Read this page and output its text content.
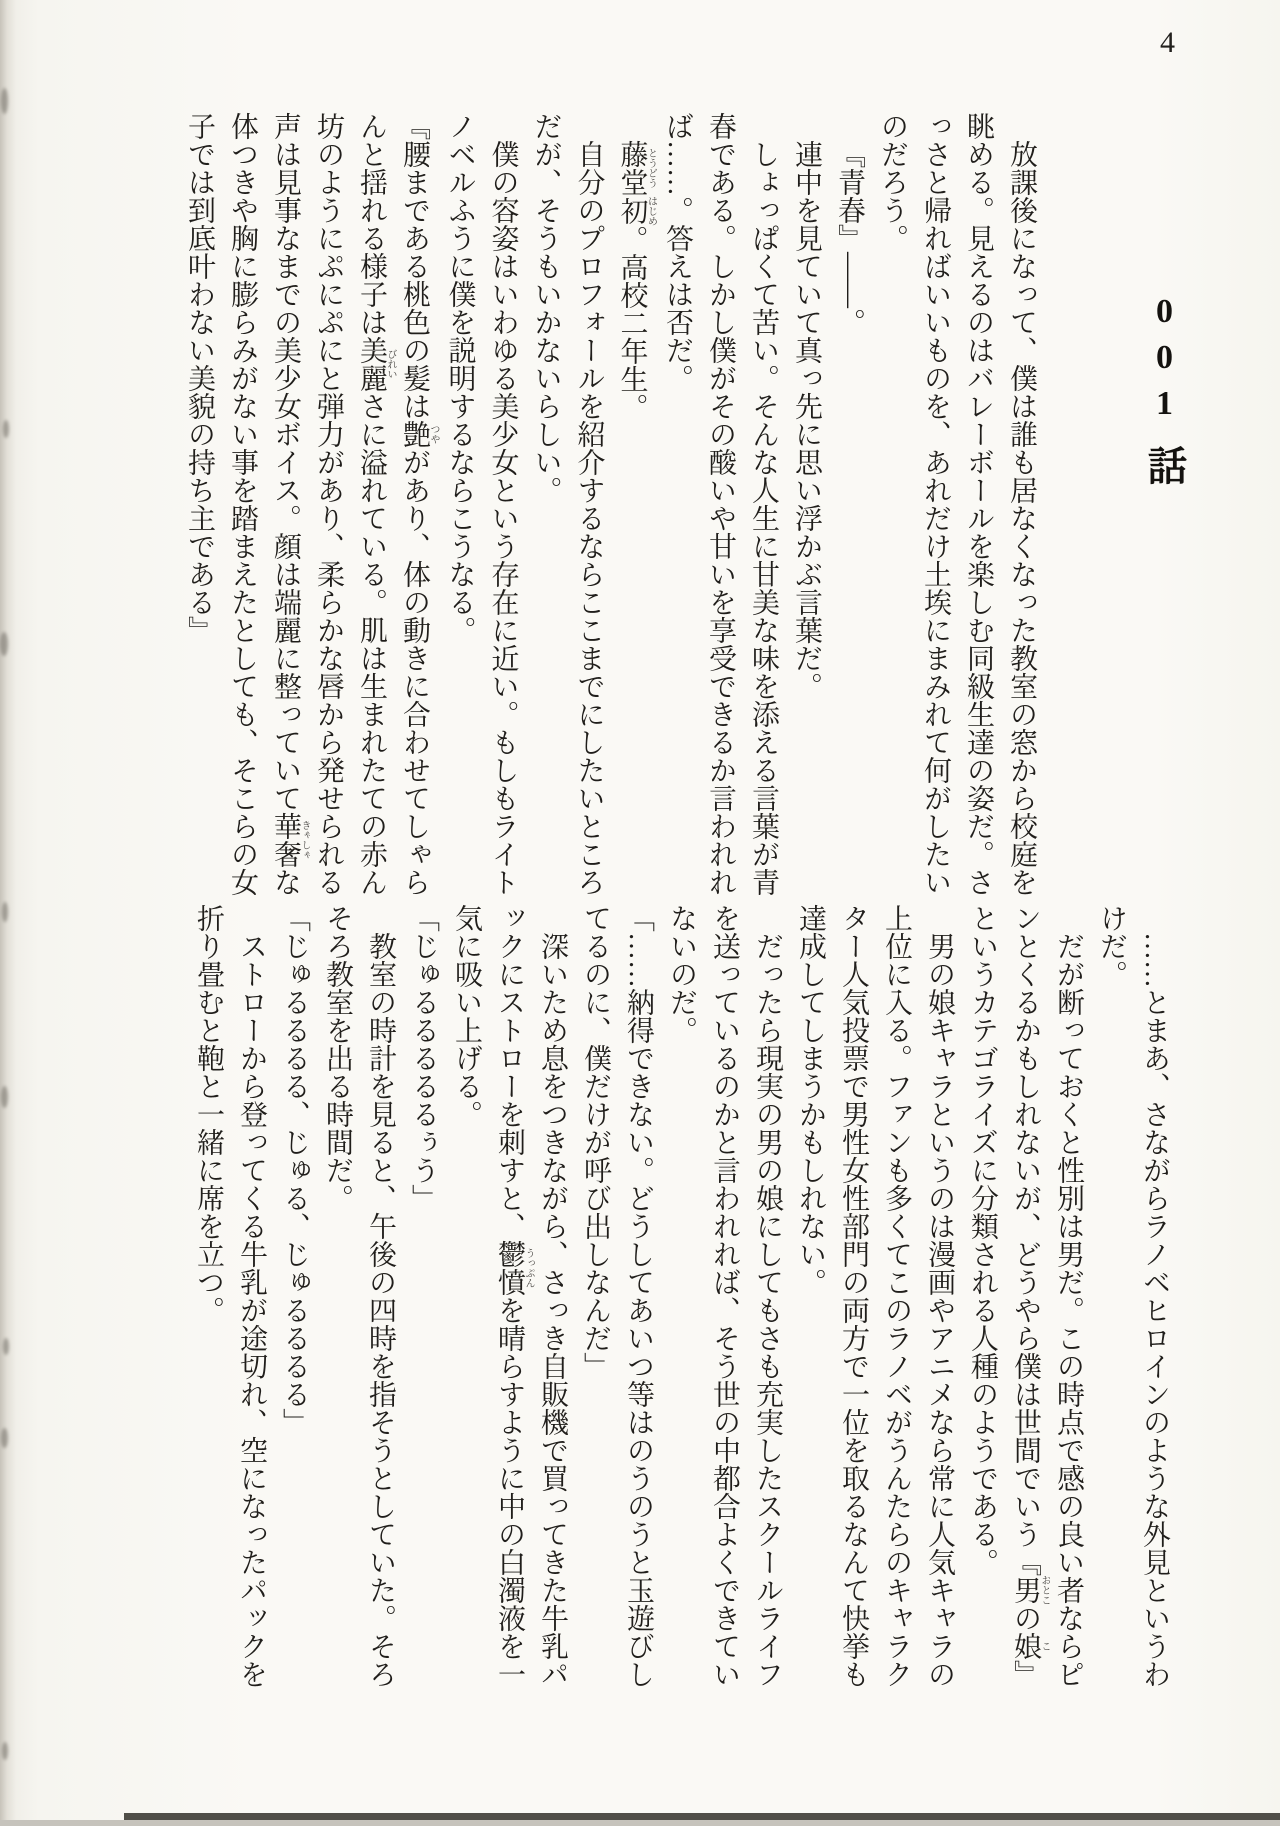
4
001話

放課後になって、僕は誰も居なくなった教室の窓から校庭を眺める。見えるのはバレーボールを楽しむ同級生達の姿だ。さっさと帰ればいいものを、あれだけ土埃にまみれて何がしたいのだろう。

『青春』――。

連中を見ていて真っ先に思い浮かぶ言葉だ。

しょっぱくて苦い。そんな人生に甘美な味を添える言葉が青春である。しかし僕がその酸いや甘いを享受できるか言われれば……。答えは否だ。

藤堂とうどう初はじめ。高校二年生。

自分のプロフォールを紹介するならここまでにしたいところだが、そうもいかないらしい。

僕の容姿はいわゆる美少女という存在に近い。もしもライトノベルふうに僕を説明するならこうなる。

『腰まである桃色の髪は艶つやがあり、体の動きに合わせてしゃらんと揺れる様子は美麗びれいさに溢れている。肌は生まれたての赤ん坊のようにぷにぷにと弾力があり、柔らかな唇から発せられる声は見事なまでの美少女ボイス。顔は端麗に整っていて華奢きゃしゃな体つきや胸に膨らみがない事を踏まえたとしても、そこらの女子では到底叶わない美貌の持ち主である』

……とまあ、さながらラノベヒロインのような外見というわけだ。

だが断っておくと性別は男だ。この時点で感の良い者ならピンとくるかもしれないが、どうやら僕は世間でいう『男おとこの娘こ』というカテゴライズに分類される人種のようである。

男の娘キャラというのは漫画やアニメなら常に人気キャラの上位に入る。ファンも多くてこのラノベがうんたらのキャラクター人気投票で男性女性部門の両方で一位を取るなんて快挙も達成してしまうかもしれない。

だったら現実の男の娘にしてもさも充実したスクールライフを送っているのかと言われれば、そう世の中都合よくできていないのだ。

「……納得できない。どうしてあいつ等はのうのうと玉遊びしてるのに、僕だけが呼び出しなんだ」

深いため息をつきながら、さっき自販機で買ってきた牛乳パックにストローを刺すと、鬱憤うっぷんを晴らすように中の白濁液を一気に吸い上げる。

「じゅるるるるるぅう」

教室の時計を見ると、午後の四時を指そうとしていた。そろそろ教室を出る時間だ。

「じゅるるるる、じゅる、じゅるるるる」

ストローから登ってくる牛乳が途切れ、空になったパックを折り畳むと鞄と一緒に席を立つ。
